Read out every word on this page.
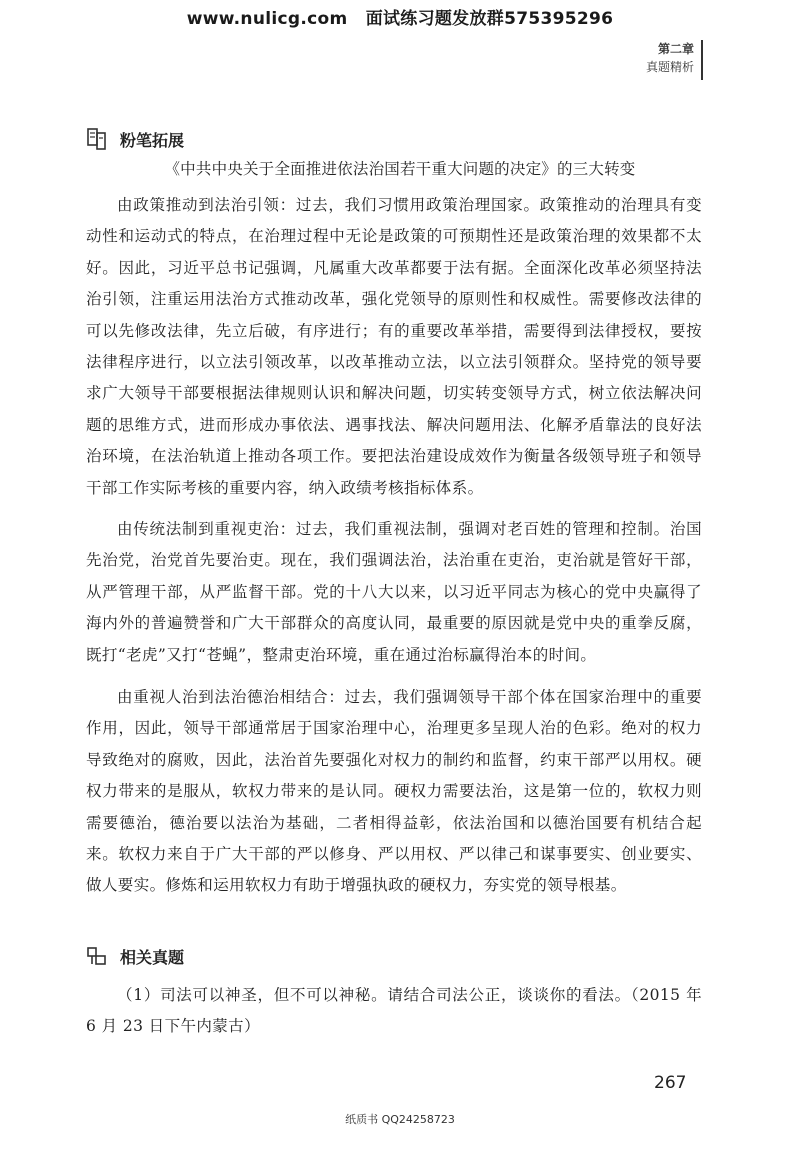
www.nulicg.com 面试练习题发放群575395296
第二章
真题精析
粉笔拓展
《中共中央关于全面推进依法治国若干重大问题的决定》的三大转变

由政策推动到法治引领：过去，我们习惯用政策治理国家。政策推动的治理具有变动性和运动式的特点，在治理过程中无论是政策的可预期性还是政策治理的效果都不太好。因此，习近平总书记强调，凡属重大改革都要于法有据。全面深化改革必须坚持法治引领，注重运用法治方式推动改革，强化党领导的原则性和权威性。需要修改法律的可以先修改法律，先立后破，有序进行；有的重要改革举措，需要得到法律授权，要按法律程序进行，以立法引领改革，以改革推动立法，以立法引领群众。坚持党的领导要求广大领导干部要根据法律规则认识和解决问题，切实转变领导方式，树立依法解决问题的思维方式，进而形成办事依法、遇事找法、解决问题用法、化解矛盾靠法的良好法治环境，在法治轨道上推动各项工作。要把法治建设成效作为衡量各级领导班子和领导干部工作实际考核的重要内容，纳入政绩考核指标体系。

由传统法制到重视吏治：过去，我们重视法制，强调对老百姓的管理和控制。治国先治党，治党首先要治吏。现在，我们强调法治，法治重在吏治，吏治就是管好干部，从严管理干部，从严监督干部。党的十八大以来，以习近平同志为核心的党中央赢得了海内外的普遍赞誉和广大干部群众的高度认同，最重要的原因就是党中央的重拳反腐，既打“老虎”又打“苍蝇”，整肃吏治环境，重在通过治标赢得治本的时间。

由重视人治到法治德治相结合：过去，我们强调领导干部个体在国家治理中的重要作用，因此，领导干部通常居于国家治理中心，治理更多呈现人治的色彩。绝对的权力导致绝对的腐败，因此，法治首先要强化对权力的制约和监督，约束干部严以用权。硬权力带来的是服从，软权力带来的是认同。硬权力需要法治，这是第一位的，软权力则需要德治，德治要以法治为基础，二者相得益彰，依法治国和以德治国要有机结合起来。软权力来自于广大干部的严以修身、严以用权、严以律己和谋事要实、创业要实、做人要实。修炼和运用软权力有助于增强执政的硬权力，夯实党的领导根基。

相关真题

（1）司法可以神圣，但不可以神秘。请结合司法公正，谈谈你的看法。（2015 年 6 月 23 日下午内蒙古）

267
纸质书 QQ24258723
